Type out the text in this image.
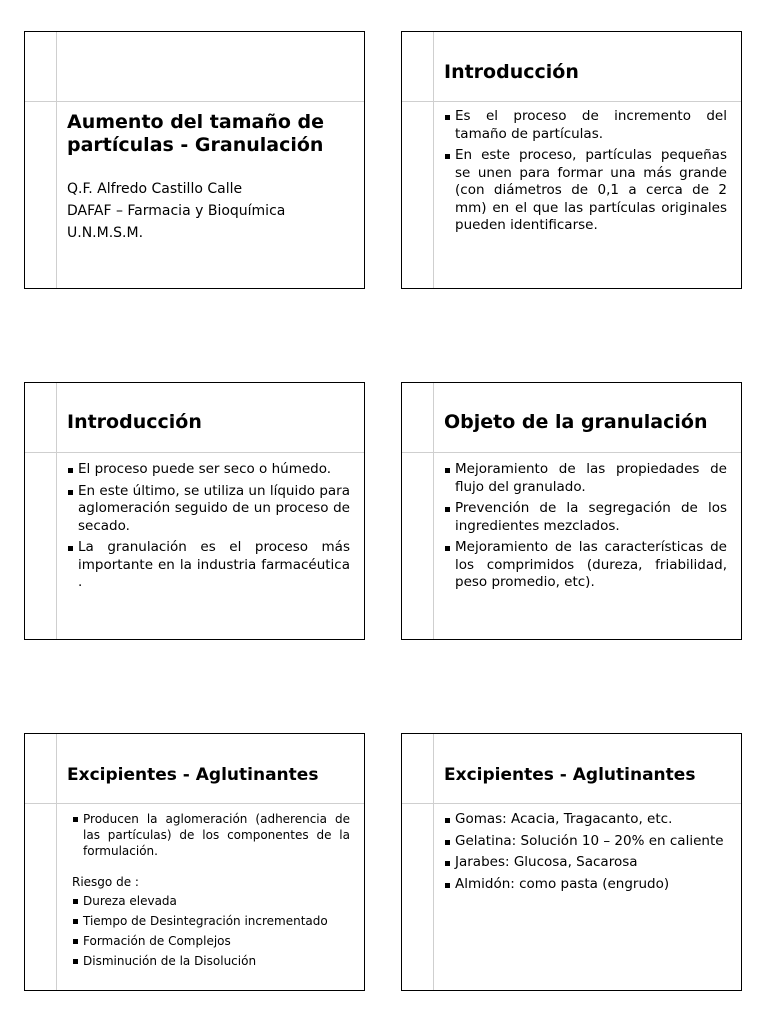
Aumento del tamaño de partículas - Granulación
Q.F. Alfredo Castillo Calle
DAFAF – Farmacia y Bioquímica
U.N.M.S.M.
Introducción
Es el proceso de incremento del tamaño de partículas.
En este proceso, partículas pequeñas se unen para formar una más grande (con diámetros de 0,1 a cerca de 2 mm) en el que las partículas originales pueden identificarse.
Introducción
El proceso puede ser seco o húmedo.
En este último, se utiliza un líquido para aglomeración seguido de un proceso de secado.
La granulación es el proceso más importante en la industria farmacéutica .
Objeto de la granulación
Mejoramiento de las propiedades de flujo del granulado.
Prevención de la segregación de los ingredientes mezclados.
Mejoramiento de las características de los comprimidos (dureza, friabilidad, peso promedio, etc).
Excipientes - Aglutinantes
Producen la aglomeración (adherencia de las partículas) de los componentes de la formulación.
Riesgo de :
Dureza elevada
Tiempo de Desintegración incrementado
Formación de Complejos
Disminución de la Disolución
Excipientes - Aglutinantes
Gomas: Acacia, Tragacanto, etc.
Gelatina: Solución 10 – 20% en caliente
Jarabes: Glucosa, Sacarosa
Almidón: como pasta (engrudo)
